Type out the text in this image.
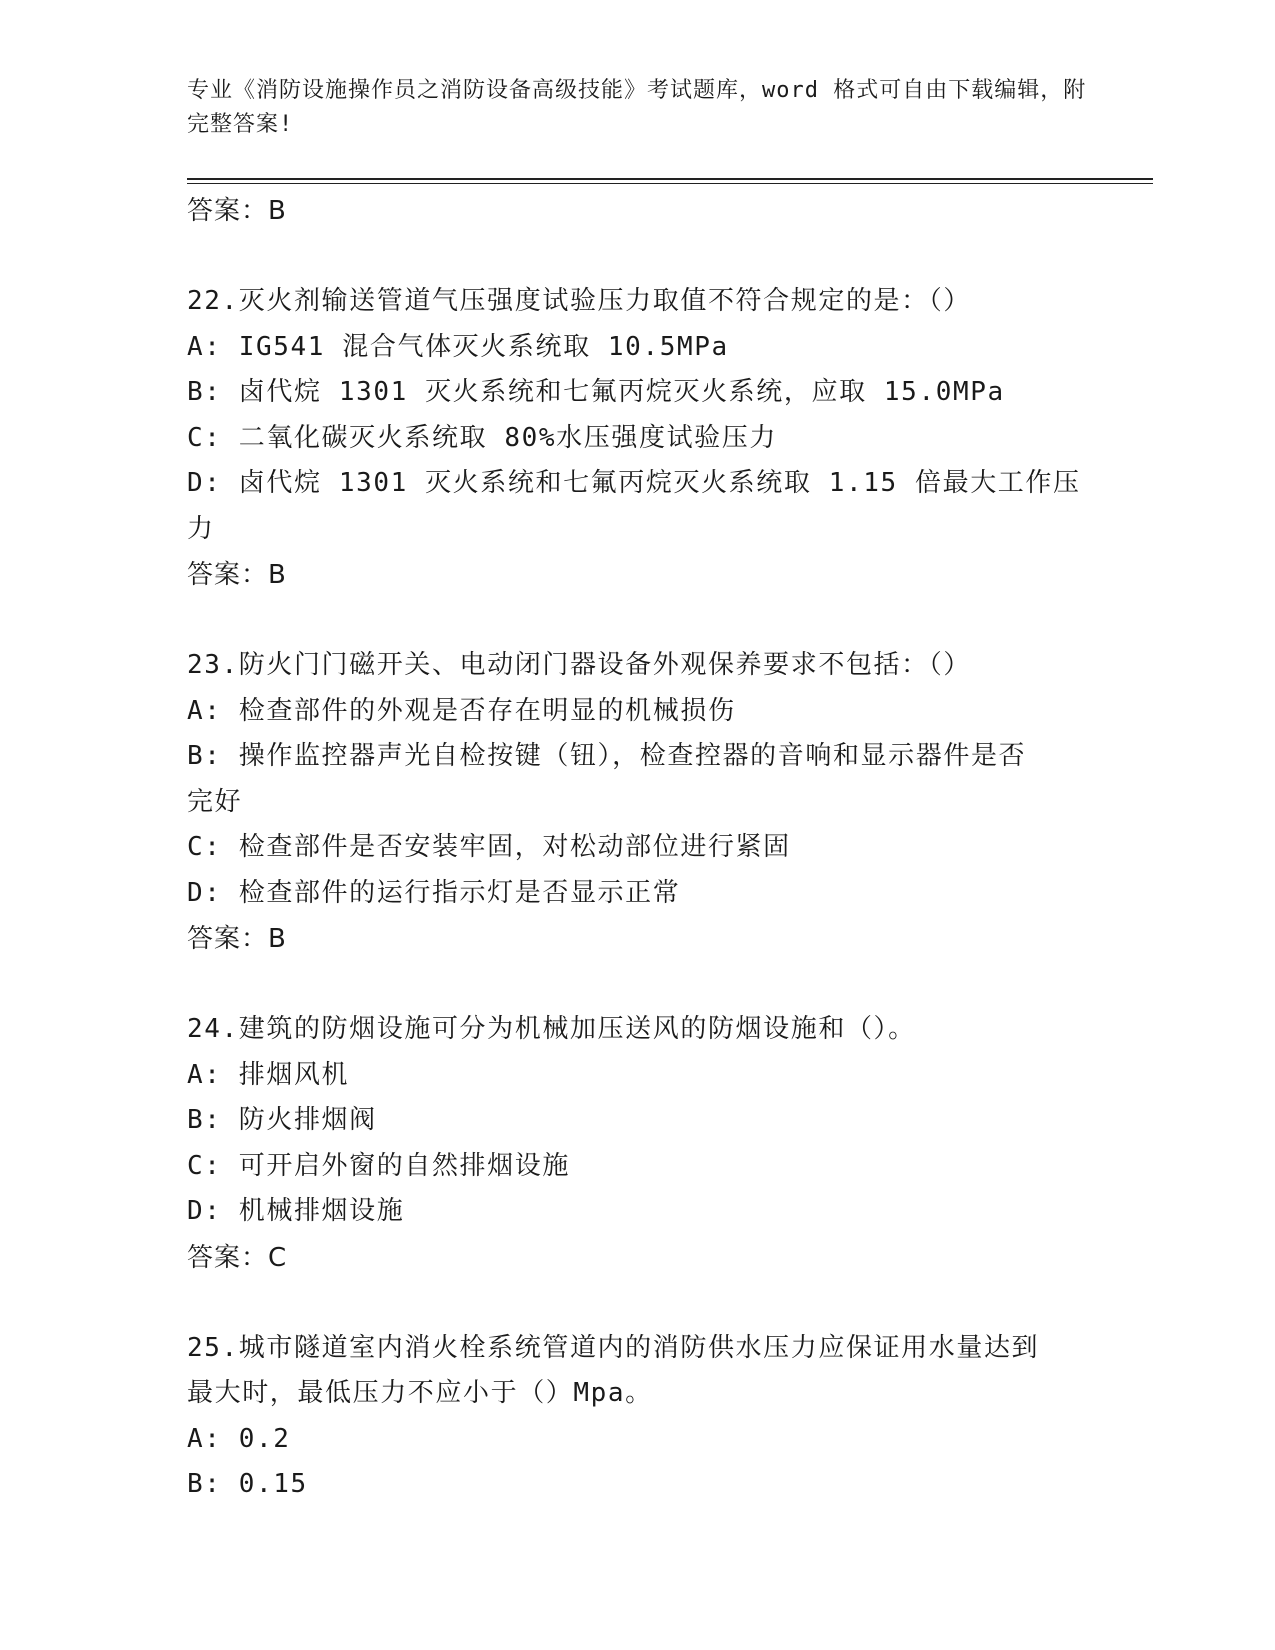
专业《消防设施操作员之消防设备高级技能》考试题库，word 格式可自由下载编辑，附完整答案!
答案：B
22.灭火剂输送管道气压强度试验压力取值不符合规定的是：（）
A: IG541 混合气体灭火系统取 10.5MPa
B: 卤代烷 1301 灭火系统和七氟丙烷灭火系统，应取 15.0MPa
C: 二氧化碳灭火系统取 80%水压强度试验压力
D: 卤代烷 1301 灭火系统和七氟丙烷灭火系统取 1.15 倍最大工作压力
答案：B
23.防火门门磁开关、电动闭门器设备外观保养要求不包括：（）
A: 检查部件的外观是否存在明显的机械损伤
B: 操作监控器声光自检按键（钮），检查控器的音响和显示器件是否
完好
C: 检查部件是否安装牢固，对松动部位进行紧固
D: 检查部件的运行指示灯是否显示正常
答案：B
24.建筑的防烟设施可分为机械加压送风的防烟设施和（）。
A: 排烟风机
B: 防火排烟阀
C: 可开启外窗的自然排烟设施
D: 机械排烟设施
答案：C
25.城市隧道室内消火栓系统管道内的消防供水压力应保证用水量达到
最大时，最低压力不应小于（）Mpa。
A: 0.2
B: 0.15
